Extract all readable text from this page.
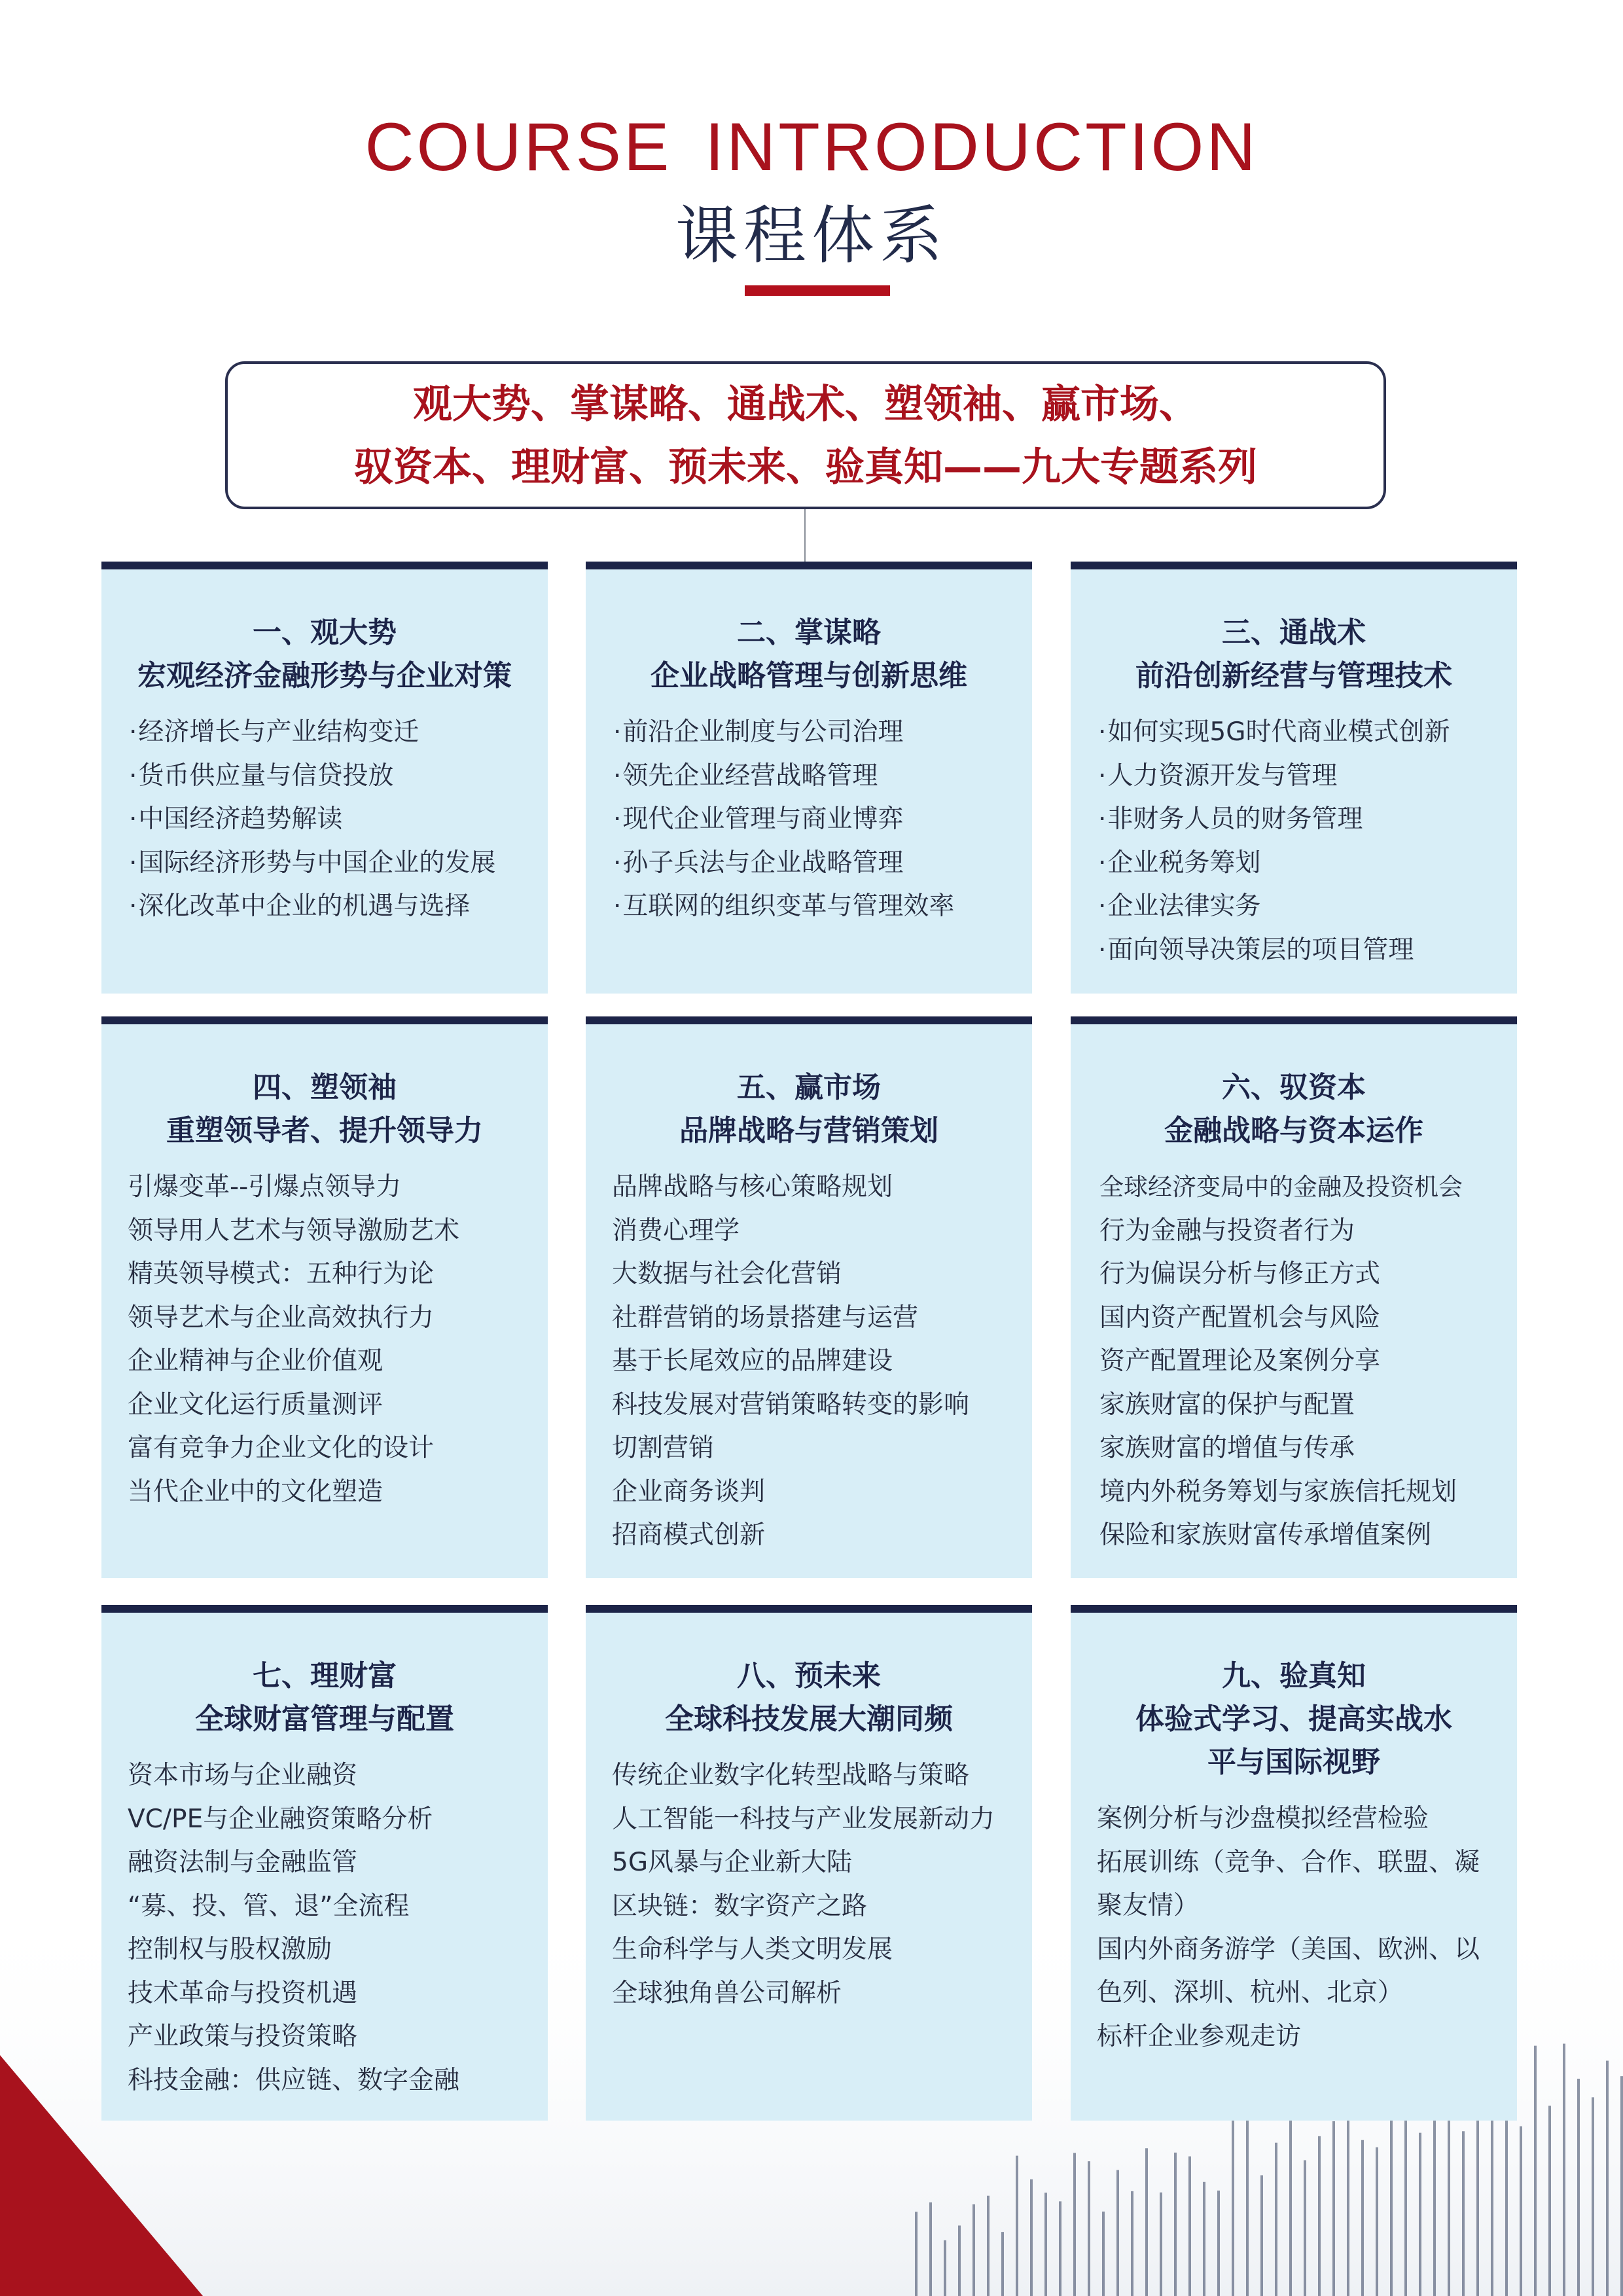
COURSE INTRODUCTION
课程体系
观大势、掌谋略、通战术、塑领袖、赢市场、
驭资本、理财富、预未来、验真知——九大专题系列
一、观大势
宏观经济金融形势与企业对策
· 经济增长与产业结构变迁
· 货币供应量与信贷投放
· 中国经济趋势解读
· 国际经济形势与中国企业的发展
· 深化改革中企业的机遇与选择
二、掌谋略
企业战略管理与创新思维
· 前沿企业制度与公司治理
· 领先企业经营战略管理
· 现代企业管理与商业博弈
· 孙子兵法与企业战略管理
· 互联网的组织变革与管理效率
三、通战术
前沿创新经营与管理技术
· 如何实现5G时代商业模式创新
· 人力资源开发与管理
· 非财务人员的财务管理
· 企业税务筹划
· 企业法律实务
· 面向领导决策层的项目管理
四、塑领袖
重塑领导者、提升领导力
引爆变革--引爆点领导力
领导用人艺术与领导激励艺术
精英领导模式：五种行为论
领导艺术与企业高效执行力
企业精神与企业价值观
企业文化运行质量测评
富有竞争力企业文化的设计
当代企业中的文化塑造
五、赢市场
品牌战略与营销策划
品牌战略与核心策略规划
消费心理学
大数据与社会化营销
社群营销的场景搭建与运营
基于长尾效应的品牌建设
科技发展对营销策略转变的影响
切割营销
企业商务谈判
招商模式创新
六、驭资本
金融战略与资本运作
全球经济变局中的金融及投资机会
行为金融与投资者行为
行为偏误分析与修正方式
国内资产配置机会与风险
资产配置理论及案例分享
家族财富的保护与配置
家族财富的增值与传承
境内外税务筹划与家族信托规划
保险和家族财富传承增值案例
七、理财富
全球财富管理与配置
资本市场与企业融资
VC/PE与企业融资策略分析
融资法制与金融监管
“募、投、管、退”全流程
控制权与股权激励
技术革命与投资机遇
产业政策与投资策略
科技金融：供应链、数字金融
八、预未来
全球科技发展大潮同频
传统企业数字化转型战略与策略
人工智能一科技与产业发展新动力
5G风暴与企业新大陆
区块链：数字资产之路
生命科学与人类文明发展
全球独角兽公司解析
九、验真知
体验式学习、提高实战水平与国际视野
案例分析与沙盘模拟经营检验
拓展训练（竞争、合作、联盟、凝聚友情）
国内外商务游学（美国、欧洲、以色列、深圳、杭州、北京）
标杆企业参观走访
